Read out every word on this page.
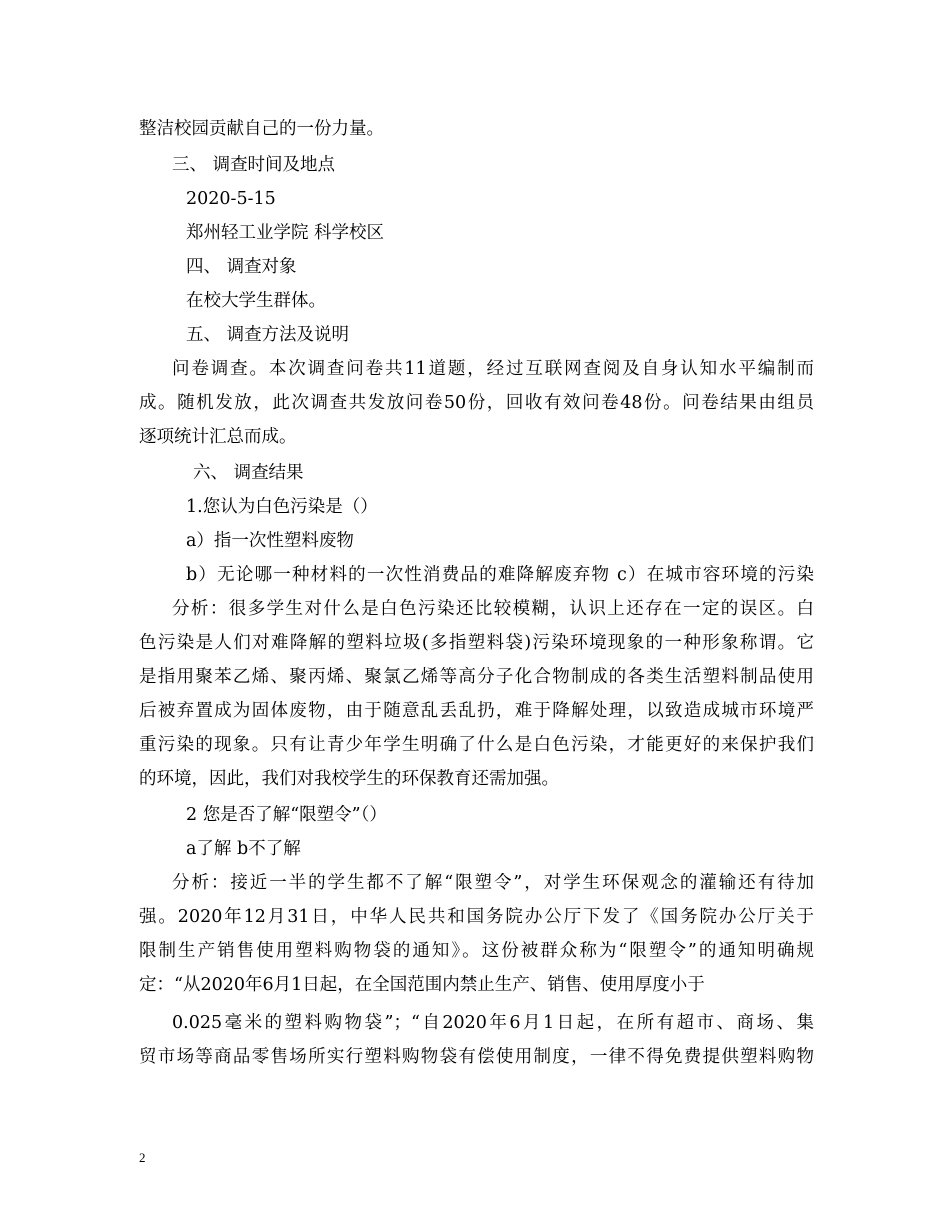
整洁校园贡献自己的一份力量。
三、 调查时间及地点
2020-5-15
郑州轻工业学院 科学校区
四、 调查对象
在校大学生群体。
五、 调查方法及说明
问卷调查。本次调查问卷共11道题，经过互联网查阅及自身认知水平编制而
成。随机发放，此次调查共发放问卷50份，回收有效问卷48份。问卷结果由组员
逐项统计汇总而成。
六、 调查结果
1.您认为白色污染是（）
a）指一次性塑料废物
b）无论哪一种材料的一次性消费品的难降解废弃物 c）在城市容环境的污染
分析：很多学生对什么是白色污染还比较模糊，认识上还存在一定的误区。白
色污染是人们对难降解的塑料垃圾(多指塑料袋)污染环境现象的一种形象称谓。它
是指用聚苯乙烯、聚丙烯、聚氯乙烯等高分子化合物制成的各类生活塑料制品使用
后被弃置成为固体废物，由于随意乱丢乱扔，难于降解处理，以致造成城市环境严
重污染的现象。只有让青少年学生明确了什么是白色污染，才能更好的来保护我们
的环境，因此，我们对我校学生的环保教育还需加强。
2 您是否了解“限塑令”（）
a了解 b不了解
分析：接近一半的学生都不了解“限塑令”，对学生环保观念的灌输还有待加
强。2020年12月31日，中华人民共和国务院办公厅下发了《国务院办公厅关于
限制生产销售使用塑料购物袋的通知》。这份被群众称为“限塑令”的通知明确规
定：“从2020年6月1日起，在全国范围内禁止生产、销售、使用厚度小于
0.025毫米的塑料购物袋”；“自2020年6月1日起，在所有超市、商场、集
贸市场等商品零售场所实行塑料购物袋有偿使用制度，一律不得免费提供塑料购物
2
